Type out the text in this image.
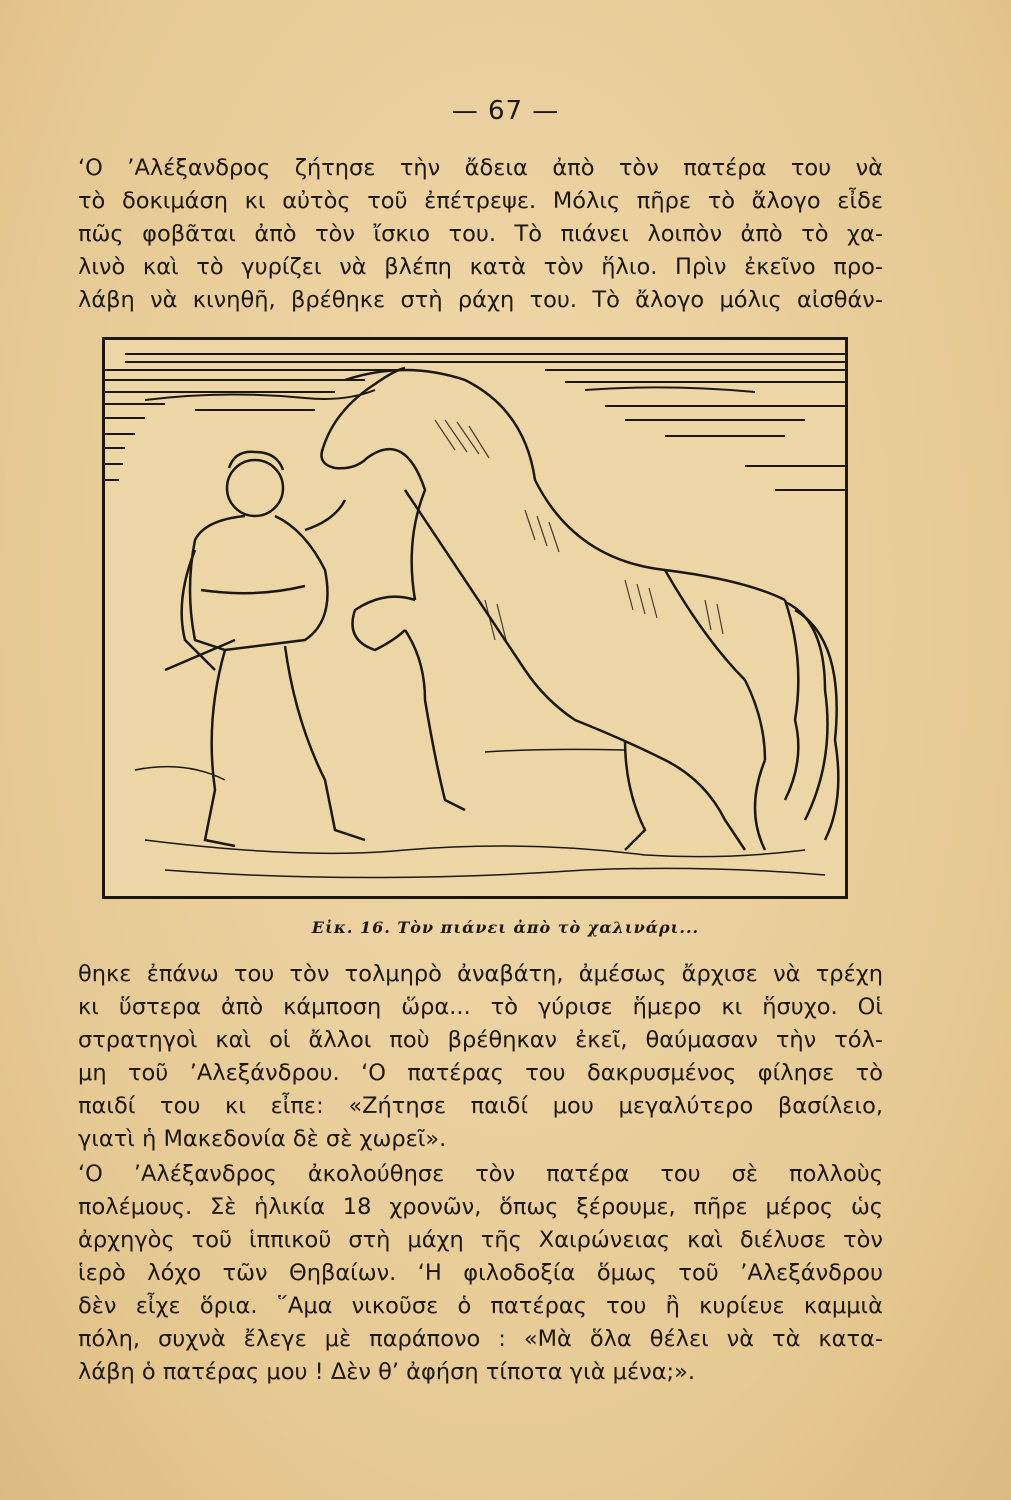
— 67 —
‘Ο ’Αλέξανδρος ζήτησε τὴν ἄδεια ἀπὸ τὸν πατέρα του νὰ
τὸ δοκιμάση κι αὐτὸς τοῦ ἐπέτρεψε. Μόλις πῆρε τὸ ἄλογο εἶδε
πῶς φοβᾶται ἀπὸ τὸν ἴσκιο του. Τὸ πιάνει λοιπὸν ἀπὸ τὸ χα-
λινὸ καὶ τὸ γυρίζει νὰ βλέπη κατὰ τὸν ἥλιο. Πρὶν ἐκεῖνο προ-
λάβη νὰ κινηθῆ, βρέθηκε στὴ ράχη του. Τὸ ἄλογο μόλις αἰσθάν-
Εἰκ. 16. Τὸν πιάνει ἀπὸ τὸ χαλινάρι...
θηκε ἐπάνω του τὸν τολμηρὸ ἀναβάτη, ἀμέσως ἄρχισε νὰ τρέχη
κι ὕστερα ἀπὸ κάμποση ὥρα... τὸ γύρισε ἥμερο κι ἥσυχο. Οἱ
στρατηγοὶ καὶ οἱ ἄλλοι ποὺ βρέθηκαν ἐκεῖ, θαύμασαν τὴν τόλ-
μη τοῦ ’Αλεξάνδρου. ‘Ο πατέρας του δακρυσμένος φίλησε τὸ
παιδί του κι εἶπε: «Ζήτησε παιδί μου μεγαλύτερο βασίλειο,
γιατὶ ἡ Μακεδονία δὲ σὲ χωρεῖ».
‘Ο ’Αλέξανδρος ἀκολούθησε τὸν πατέρα του σὲ πολλοὺς
πολέμους. Σὲ ἡλικία 18 χρονῶν, ὅπως ξέρουμε, πῆρε μέρος ὡς
ἀρχηγὸς τοῦ ἱππικοῦ στὴ μάχη τῆς Χαιρώνειας καὶ διέλυσε τὸν
ἱερὸ λόχο τῶν Θηβαίων. ‘Η φιλοδοξία ὅμως τοῦ ’Αλεξάνδρου
δὲν εἶχε ὅρια. ῞Αμα νικοῦσε ὁ πατέρας του ἢ κυρίευε καμμιὰ
πόλη, συχνὰ ἔλεγε μὲ παράπονο : «Μὰ ὅλα θέλει νὰ τὰ κατα-
λάβη ὁ πατέρας μου ! Δὲν θ’ ἀφήση τίποτα γιὰ μένα;».
